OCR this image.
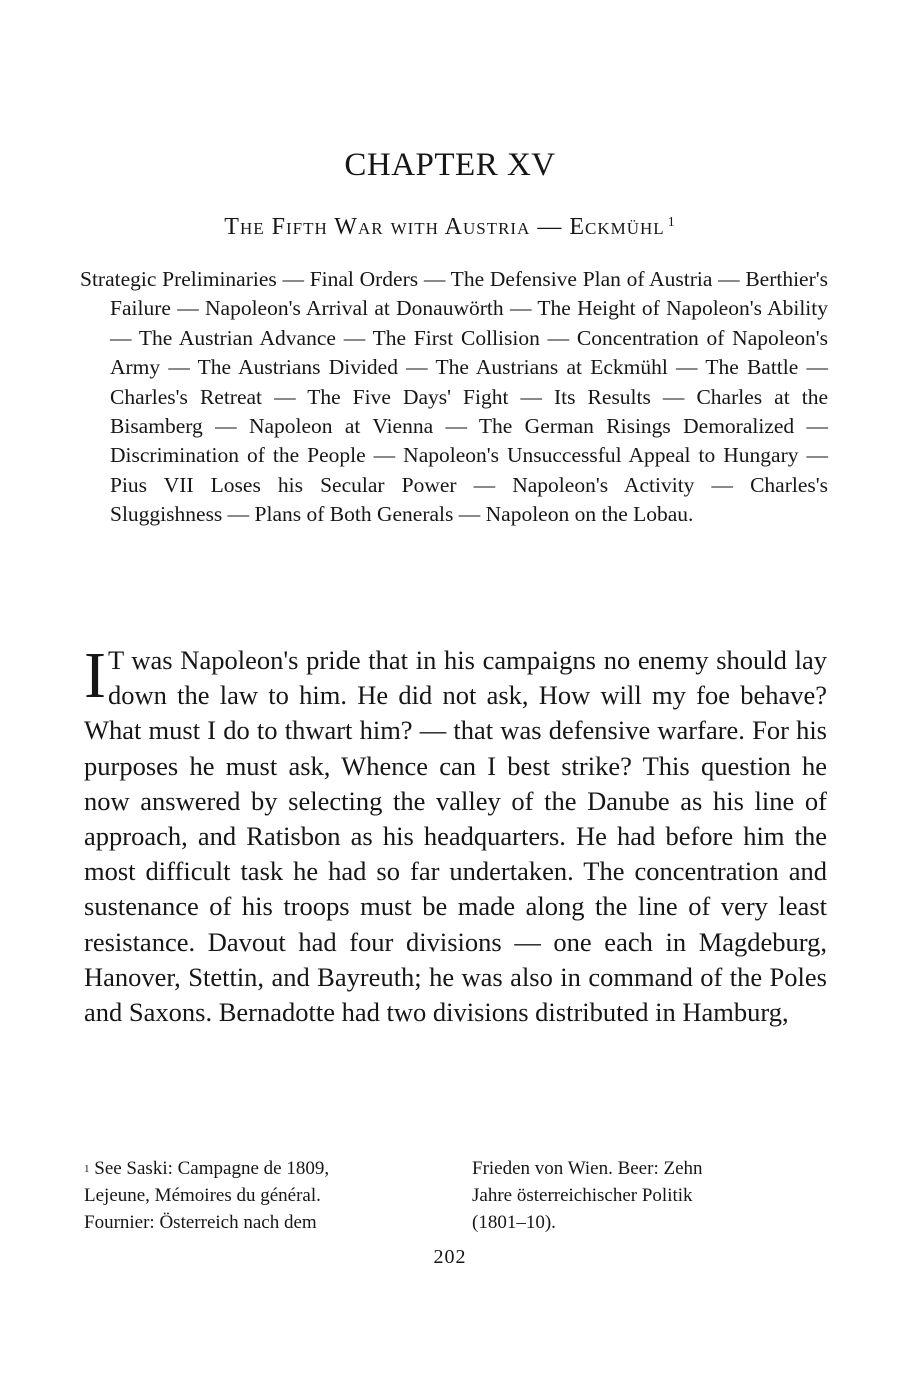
CHAPTER XV
The Fifth War with Austria — Eckmühl $^1$

Strategic Preliminaries — Final Orders — The Defensive Plan of Austria — Berthier's Failure — Napoleon's Arrival at Donauwörth — The Height of Napoleon's Ability — The Austrian Advance — The First Collision — Concentration of Napoleon's Army — The Austrians Divided — The Austrians at Eckmühl — The Battle — Charles's Retreat — The Five Days' Fight — Its Results — Charles at the Bisamberg — Napoleon at Vienna — The German Risings Demoralized — Discrimination of the People — Napoleon's Unsuccessful Appeal to Hungary — Pius VII Loses his Secular Power — Napoleon's Activity — Charles's Sluggishness — Plans of Both Generals — Napoleon on the Lobau.

I T was Napoleon's pride that in his campaigns no enemy should lay down the law to him. He did not ask, How will my foe behave? What must I do to thwart him? — that was defensive warfare. For his purposes he must ask, Whence can I best strike? This question he now answered by selecting the valley of the Danube as his line of approach, and Ratisbon as his headquarters. He had before him the most difficult task he had so far undertaken. The concentration and sustenance of his troops must be made along the line of very least resistance. Davout had four divisions — one each in Magdeburg, Hanover, Stettin, and Bayreuth; he was also in command of the Poles and Saxons. Bernadotte had two divisions distributed in Hamburg,

$^1$ See Saski: Campagne de 1809,
Lejeune, Mémoires du général.
Fournier: Österreich nach dem
Frieden von Wien. Beer: Zehn
Jahre österreichischer Politik
(1801–10).
202
